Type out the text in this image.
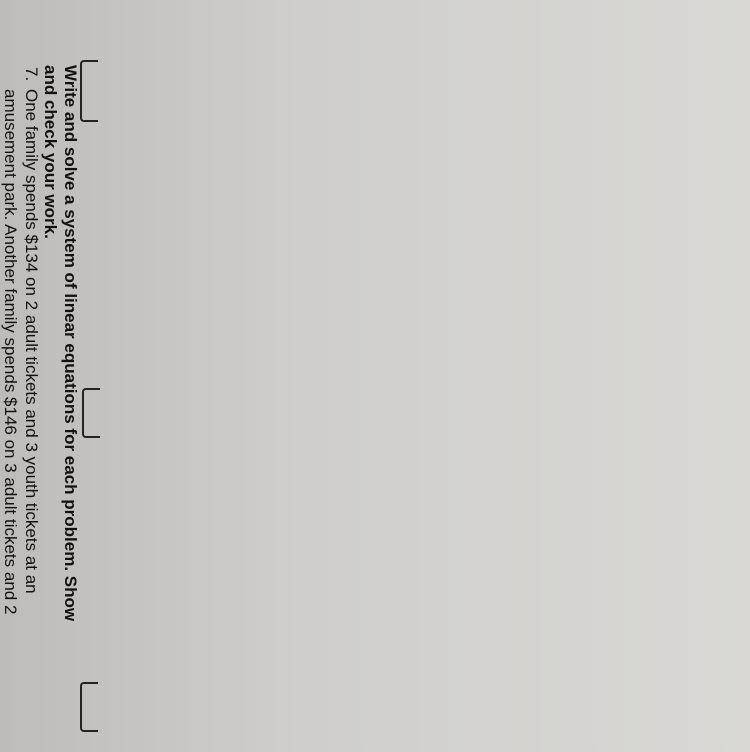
Write and solve a system of linear equations for each problem. Show
and check your work.
7.
One family spends $134 on 2 adult tickets and 3 youth tickets at an
amusement park. Another family spends $146 on 3 adult tickets and 2
